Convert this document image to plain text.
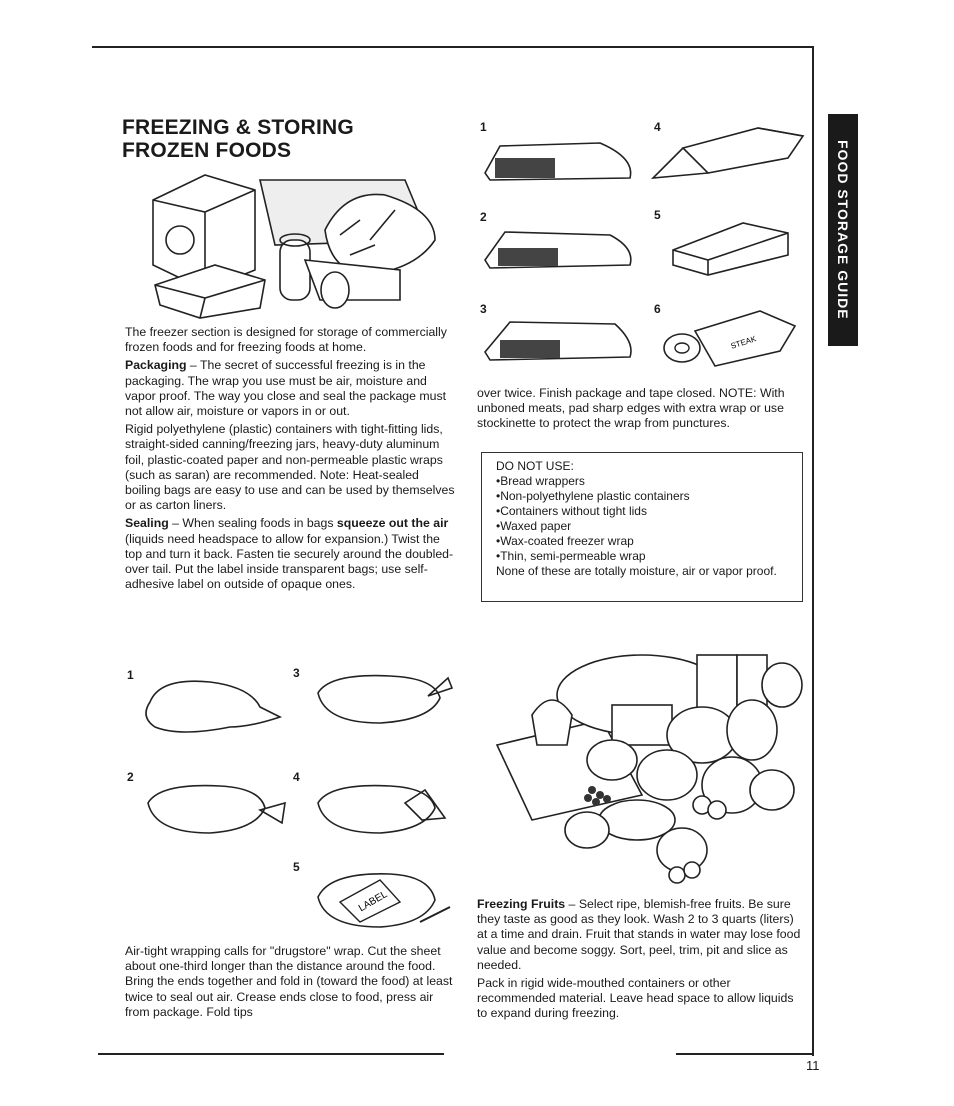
11
FOOD STORAGE GUIDE
FREEZING & STORING FROZEN FOODS

The freezer section is designed for storage of commercially frozen foods and for freezing foods at home.

Packaging – The secret of successful freezing is in the packaging. The wrap you use must be air, moisture and vapor proof. The way you close and seal the package must not allow air, moisture or vapors in or out.

Rigid polyethylene (plastic) containers with tight-fitting lids, straight-sided canning/freezing jars, heavy-duty aluminum foil, plastic-coated paper and non-permeable plastic wraps (such as saran) are recommended. Note: Heat-sealed boiling bags are easy to use and can be used by themselves or as carton liners.

Sealing – When sealing foods in bags squeeze out the air (liquids need headspace to allow for expansion.) Twist the top and turn it back. Fasten tie securely around the doubled-over tail. Put the label inside transparent bags; use self-adhesive label on outside of opaque ones.

1	3
2	4
5
LABEL
Air-tight wrapping calls for "drugstore" wrap. Cut the sheet about one-third longer than the distance around the food. Bring the ends together and fold in (toward the food) at least twice to seal out air. Crease ends close to food, press air from package. Fold tips
1	4
2	5
3	6
STEAK
over twice. Finish package and tape closed. NOTE: With unboned meats, pad sharp edges with extra wrap or use stockinette to protect the wrap from punctures.
DO NOT USE:
• Bread wrappers
• Non-polyethylene plastic containers
• Containers without tight lids
• Waxed paper
• Wax-coated freezer wrap
• Thin, semi-permeable wrap
None of these are totally moisture, air or vapor proof.

Freezing Fruits – Select ripe, blemish-free fruits. Be sure they taste as good as they look. Wash 2 to 3 quarts (liters) at a time and drain. Fruit that stands in water may lose food value and become soggy. Sort, peel, trim, pit and slice as needed.

Pack in rigid wide-mouthed containers or other recommended material. Leave head space to allow liquids to expand during freezing.
